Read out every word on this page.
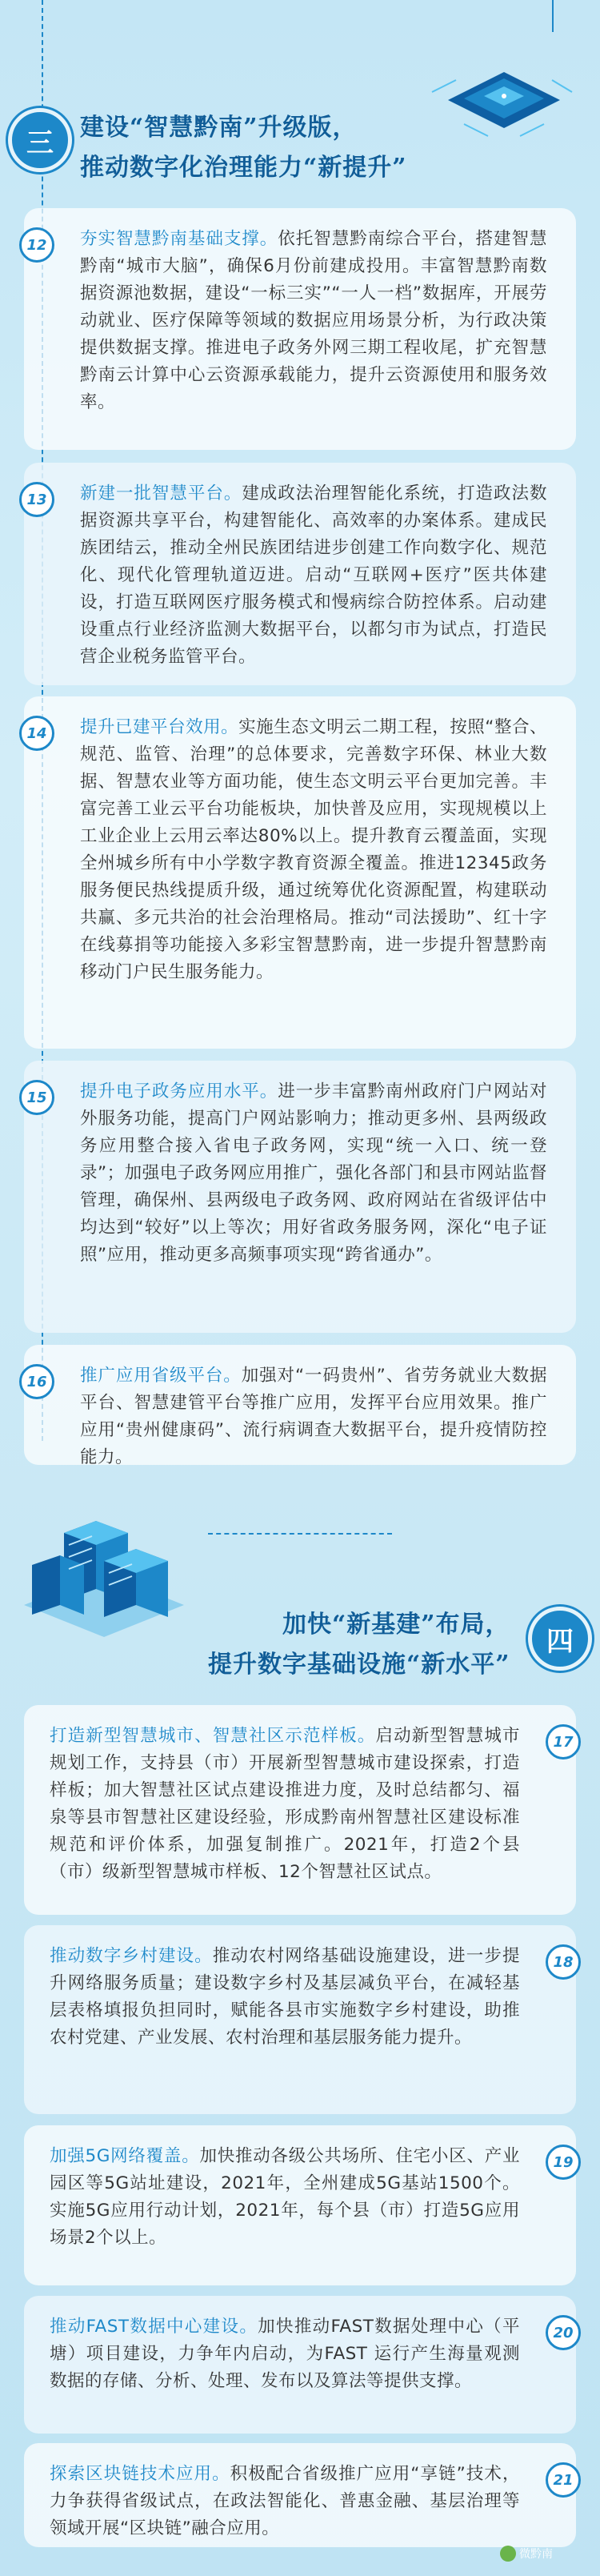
三	建设“智慧黔南”升级版，
推动数字化治理能力“新提升”
12	夯实智慧黔南基础支撑。依托智慧黔南综合平台，搭建智慧黔南“城市大脑”，确保6月份前建成投用。丰富智慧黔南数据资源池数据，建设“一标三实”“一人一档”数据库，开展劳动就业、医疗保障等领域的数据应用场景分析，为行政决策提供数据支撑。推进电子政务外网三期工程收尾，扩充智慧黔南云计算中心云资源承载能力，提升云资源使用和服务效率。

13	新建一批智慧平台。建成政法治理智能化系统，打造政法数据资源共享平台，构建智能化、高效率的办案体系。建成民族团结云，推动全州民族团结进步创建工作向数字化、规范化、现代化管理轨道迈进。启动“互联网+医疗”医共体建设，打造互联网医疗服务模式和慢病综合防控体系。启动建设重点行业经济监测大数据平台，以都匀市为试点，打造民营企业税务监管平台。

14	提升已建平台效用。实施生态文明云二期工程，按照“整合、规范、监管、治理”的总体要求，完善数字环保、林业大数据、智慧农业等方面功能，使生态文明云平台更加完善。丰富完善工业云平台功能板块，加快普及应用，实现规模以上工业企业上云用云率达80%以上。提升教育云覆盖面，实现全州城乡所有中小学数字教育资源全覆盖。推进12345政务服务便民热线提质升级，通过统筹优化资源配置，构建联动共赢、多元共治的社会治理格局。推动“司法援助”、红十字在线募捐等功能接入多彩宝智慧黔南，进一步提升智慧黔南移动门户民生服务能力。

15	提升电子政务应用水平。进一步丰富黔南州政府门户网站对外服务功能，提高门户网站影响力；推动更多州、县两级政务应用整合接入省电子政务网，实现“统一入口、统一登录”；加强电子政务网应用推广，强化各部门和县市网站监督管理，确保州、县两级电子政务网、政府网站在省级评估中均达到“较好”以上等次；用好省政务服务网，深化“电子证照”应用，推动更多高频事项实现“跨省通办”。

16	推广应用省级平台。加强对“一码贵州”、省劳务就业大数据平台、智慧建管平台等推广应用，发挥平台应用效果。推广应用“贵州健康码”、流行病调查大数据平台，提升疫情防控能力。

四
加快“新基建”布局，
提升数字基础设施“新水平”
17

打造新型智慧城市、智慧社区示范样板。启动新型智慧城市规划工作，支持县（市）开展新型智慧城市建设探索，打造样板；加大智慧社区试点建设推进力度，及时总结都匀、福泉等县市智慧社区建设经验，形成黔南州智慧社区建设标准规范和评价体系，加强复制推广。2021年，打造2个县（市）级新型智慧城市样板、12个智慧社区试点。

18

推动数字乡村建设。推动农村网络基础设施建设，进一步提升网络服务质量；建设数字乡村及基层减负平台，在减轻基层表格填报负担同时，赋能各县市实施数字乡村建设，助推农村党建、产业发展、农村治理和基层服务能力提升。

19

加强5G网络覆盖。加快推动各级公共场所、住宅小区、产业园区等5G站址建设，2021年，全州建成5G基站1500个。实施5G应用行动计划，2021年，每个县（市）打造5G应用场景2个以上。

20

推动FAST数据中心建设。加快推动FAST数据处理中心（平塘）项目建设，力争年内启动，为FAST 运行产生海量观测数据的存储、分析、处理、发布以及算法等提供支撑。

21

探索区块链技术应用。积极配合省级推广应用“享链”技术，力争获得省级试点，在政法智能化、普惠金融、基层治理等领域开展“区块链”融合应用。

微黔南
